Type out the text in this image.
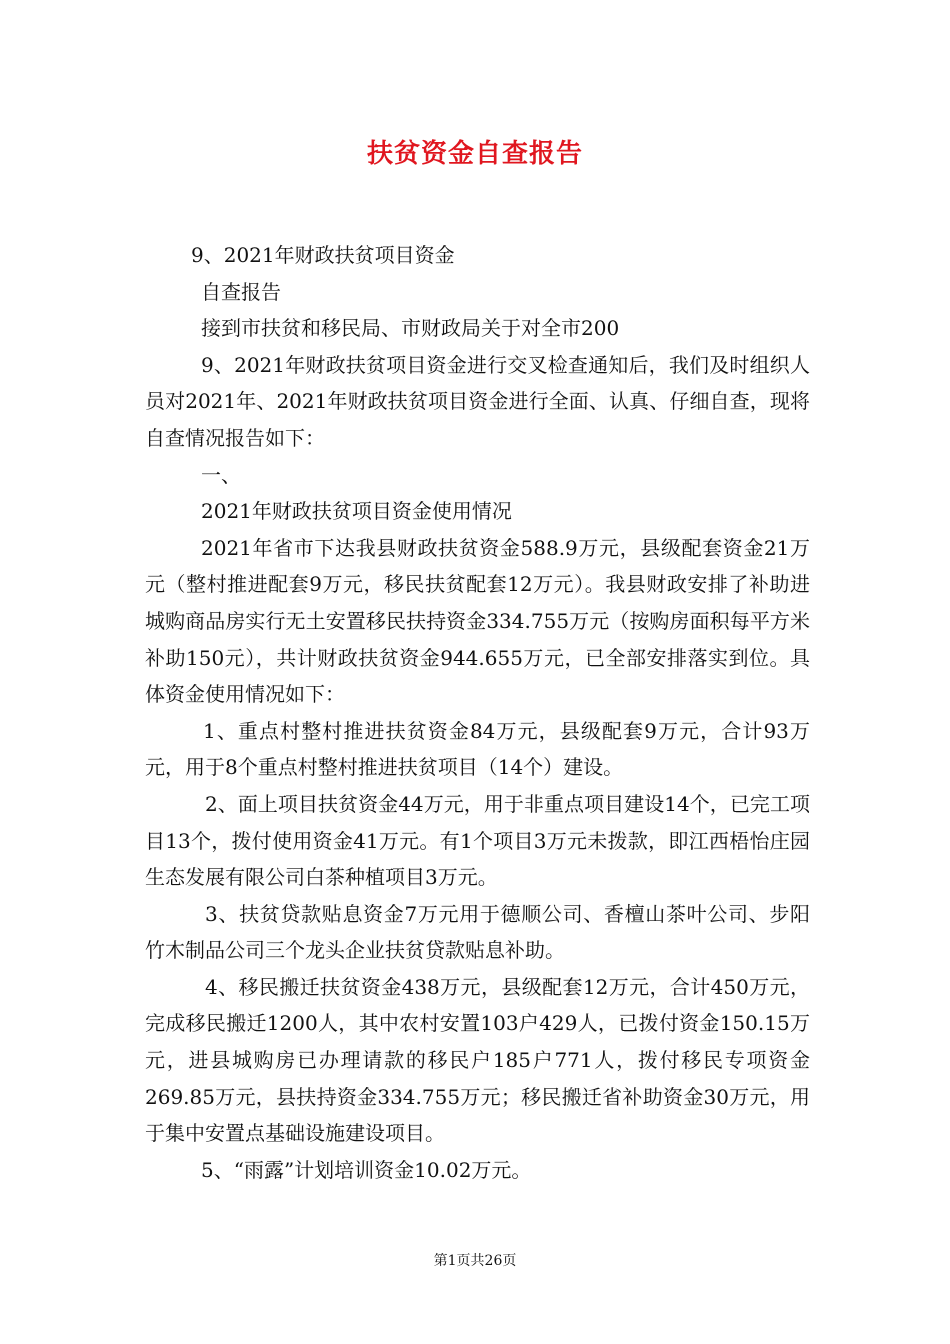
扶贫资金自查报告

9、2021年财政扶贫项目资金

自查报告

接到市扶贫和移民局、市财政局关于对全市200

9、2021年财政扶贫项目资金进行交叉检查通知后，我们及时组织人员对2021年、2021年财政扶贫项目资金进行全面、认真、仔细自查，现将自查情况报告如下：

一、

2021年财政扶贫项目资金使用情况

2021年省市下达我县财政扶贫资金588.9万元，县级配套资金21万元（整村推进配套9万元，移民扶贫配套12万元）。我县财政安排了补助进城购商品房实行无土安置移民扶持资金334.755万元（按购房面积每平方米补助150元），共计财政扶贫资金944.655万元，已全部安排落实到位。具体资金使用情况如下：

1、重点村整村推进扶贫资金84万元，县级配套9万元，合计93万元，用于8个重点村整村推进扶贫项目（14个）建设。

2、面上项目扶贫资金44万元，用于非重点项目建设14个，已完工项目13个，拨付使用资金41万元。有1个项目3万元未拨款，即江西梧怡庄园生态发展有限公司白茶种植项目3万元。

3、扶贫贷款贴息资金7万元用于德顺公司、香檀山茶叶公司、步阳竹木制品公司三个龙头企业扶贫贷款贴息补助。

4、移民搬迁扶贫资金438万元，县级配套12万元，合计450万元，完成移民搬迁1200人，其中农村安置103户429人，已拨付资金150.15万元，进县城购房已办理请款的移民户185户771人，拨付移民专项资金269.85万元，县扶持资金334.755万元；移民搬迁省补助资金30万元，用于集中安置点基础设施建设项目。

5、“雨露”计划培训资金10.02万元。

第1页共26页
